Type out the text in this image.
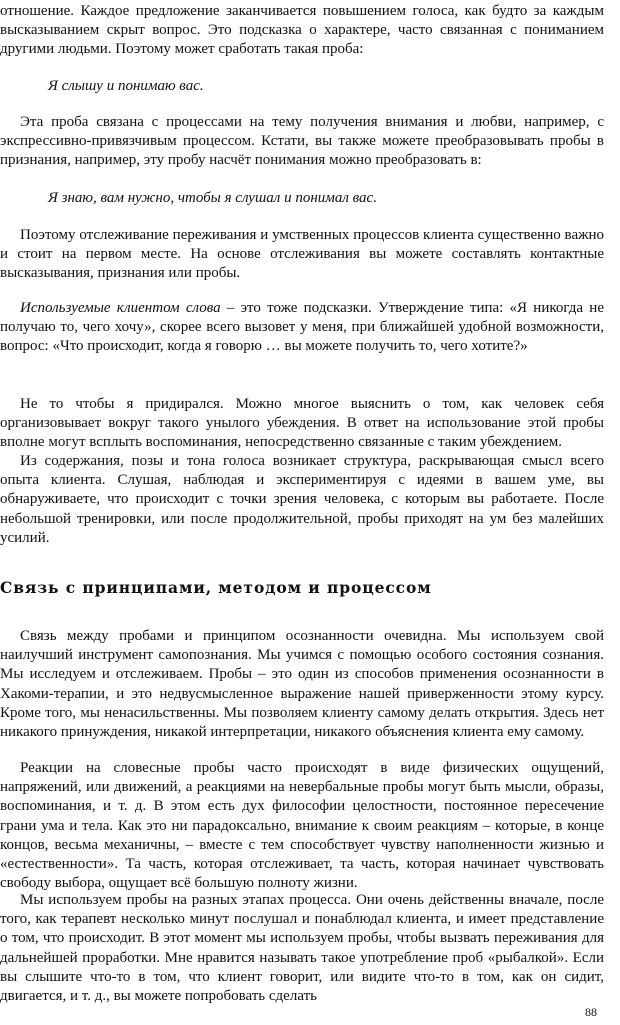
отношение. Каждое предложение заканчивается повышением голоса, как будто за каждым высказыванием скрыт вопрос. Это подсказка о характере, часто связанная с пониманием другими людьми. Поэтому может сработать такая проба:

Я слышу и понимаю вас.

Эта проба связана с процессами на тему получения внимания и любви, например, с экспрессивно-привязчивым процессом. Кстати, вы также можете преобразовывать пробы в признания, например, эту пробу насчёт понимания можно преобразовать в:

Я знаю, вам нужно, чтобы я слушал и понимал вас.

Поэтому отслеживание переживания и умственных процессов клиента существенно важно и стоит на первом месте. На основе отслеживания вы можете составлять контактные высказывания, признания или пробы.

Используемые клиентом слова – это тоже подсказки. Утверждение типа: «Я никогда не получаю то, чего хочу», скорее всего вызовет у меня, при ближайшей удобной возможности, вопрос: «Что происходит, когда я говорю … вы можете получить то, чего хотите?»

Не то чтобы я придирался. Можно многое выяснить о том, как человек себя организовывает вокруг такого унылого убеждения. В ответ на использование этой пробы вполне могут всплыть воспоминания, непосредственно связанные с таким убеждением.

Из содержания, позы и тона голоса возникает структура, раскрывающая смысл всего опыта клиента. Слушая, наблюдая и экспериментируя с идеями в вашем уме, вы обнаруживаете, что происходит с точки зрения человека, с которым вы работаете. После небольшой тренировки, или после продолжительной, пробы приходят на ум без малейших усилий.

Связь с принципами, методом и процессом

Связь между пробами и принципом осознанности очевидна. Мы используем свой наилучший инструмент самопознания. Мы учимся с помощью особого состояния сознания. Мы исследуем и отслеживаем. Пробы – это один из способов применения осознанности в Хакоми-терапии, и это недвусмысленное выражение нашей приверженности этому курсу. Кроме того, мы ненасильственны. Мы позволяем клиенту самому делать открытия. Здесь нет никакого принуждения, никакой интерпретации, никакого объяснения клиента ему самому.

Реакции на словесные пробы часто происходят в виде физических ощущений, напряжений, или движений, а реакциями на невербальные пробы могут быть мысли, образы, воспоминания, и т. д. В этом есть дух философии целостности, постоянное пересечение грани ума и тела. Как это ни парадоксально, внимание к своим реакциям – которые, в конце концов, весьма механичны, – вместе с тем способствует чувству наполненности жизнью и «естественности». Та часть, которая отслеживает, та часть, которая начинает чувствовать свободу выбора, ощущает всё большую полноту жизни.

Мы используем пробы на разных этапах процесса. Они очень действенны вначале, после того, как терапевт несколько минут послушал и понаблюдал клиента, и имеет представление о том, что происходит. В этот момент мы используем пробы, чтобы вызвать переживания для дальнейшей проработки. Мне нравится называть такое употребление проб «рыбалкой». Если вы слышите что-то в том, что клиент говорит, или видите что-то в том, как он сидит, двигается, и т. д., вы можете попробовать сделать

88
